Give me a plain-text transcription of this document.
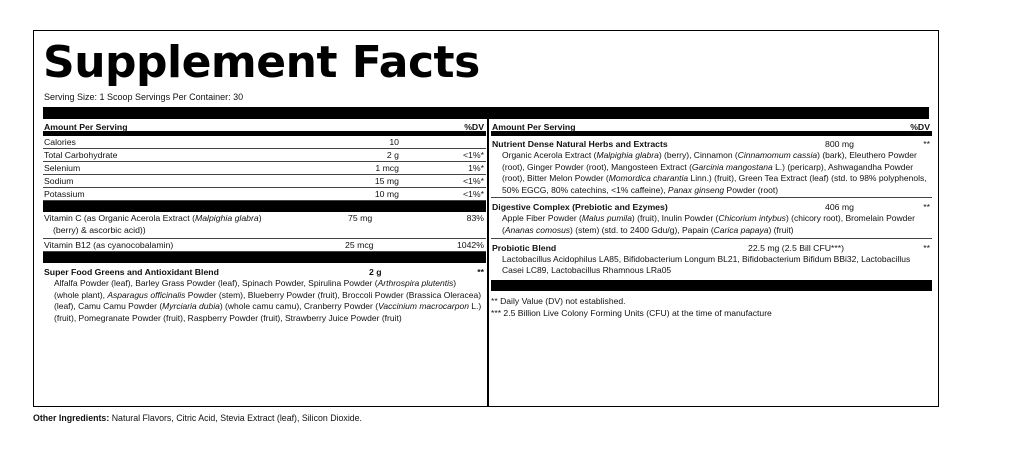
Supplement Facts
Serving Size: 1 Scoop Servings Per Container: 30
Amount Per Serving	%DV
Calories	10
Total Carbohydrate	2 g	<1%*
Selenium	1 mcg	1%*
Sodium	15 mg	<1%*
Potassium	10 mg	<1%*
Vitamin C (as Organic Acerola Extract (Malpighia glabra)
(berry) & ascorbic acid))
75 mg	83%
Vitamin B12 (as cyanocobalamin)	25 mcg	1042%
Super Food Greens and Antioxidant Blend	2 g	**
Alfalfa Powder (leaf), Barley Grass Powder (leaf), Spinach Powder, Spirulina Powder (Arthrospira plutentis) (whole plant), Asparagus officinalis Powder (stem), Blueberry Powder (fruit), Broccoli Powder (Brassica Oleracea) (leaf), Camu Camu Powder (Myrciaria dubia) (whole camu camu), Cranberry Powder (Vaccinium macrocarpon L.) (fruit), Pomegranate Powder (fruit), Raspberry Powder (fruit), Strawberry Juice Powder (fruit)
Amount Per Serving	%DV
Nutrient Dense Natural Herbs and Extracts	800 mg	**
Organic Acerola Extract (Malpighia glabra) (berry), Cinnamon (Cinnamomum cassia) (bark), Eleuthero Powder (root), Ginger Powder (root), Mangosteen Extract (Garcinia mangostana L.) (pericarp), Ashwagandha Powder (root), Bitter Melon Powder (Momordica charantia Linn.) (fruit), Green Tea Extract (leaf) (std. to 98% polyphenols, 50% EGCG, 80% catechins, <1% caffeine), Panax ginseng Powder (root)
Digestive Complex (Prebiotic and Ezymes)	406 mg	**
Apple Fiber Powder (Malus pumila) (fruit), Inulin Powder (Chicorium intybus) (chicory root), Bromelain Powder (Ananas comosus) (stem) (std. to 2400 Gdu/g), Papain (Carica papaya) (fruit)
Probiotic Blend	22.5 mg (2.5 Bill CFU***)	**
Lactobacillus Acidophilus LA85, Bifidobacterium Longum BL21, Bifidobacterium Bifidum BBi32, Lactobacillus Casei LC89, Lactobacillus Rhamnous LRa05
** Daily Value (DV) not established.
*** 2.5 Billion Live Colony Forming Units (CFU) at the time of manufacture
Other Ingredients: Natural Flavors, Citric Acid, Stevia Extract (leaf), Silicon Dioxide.
